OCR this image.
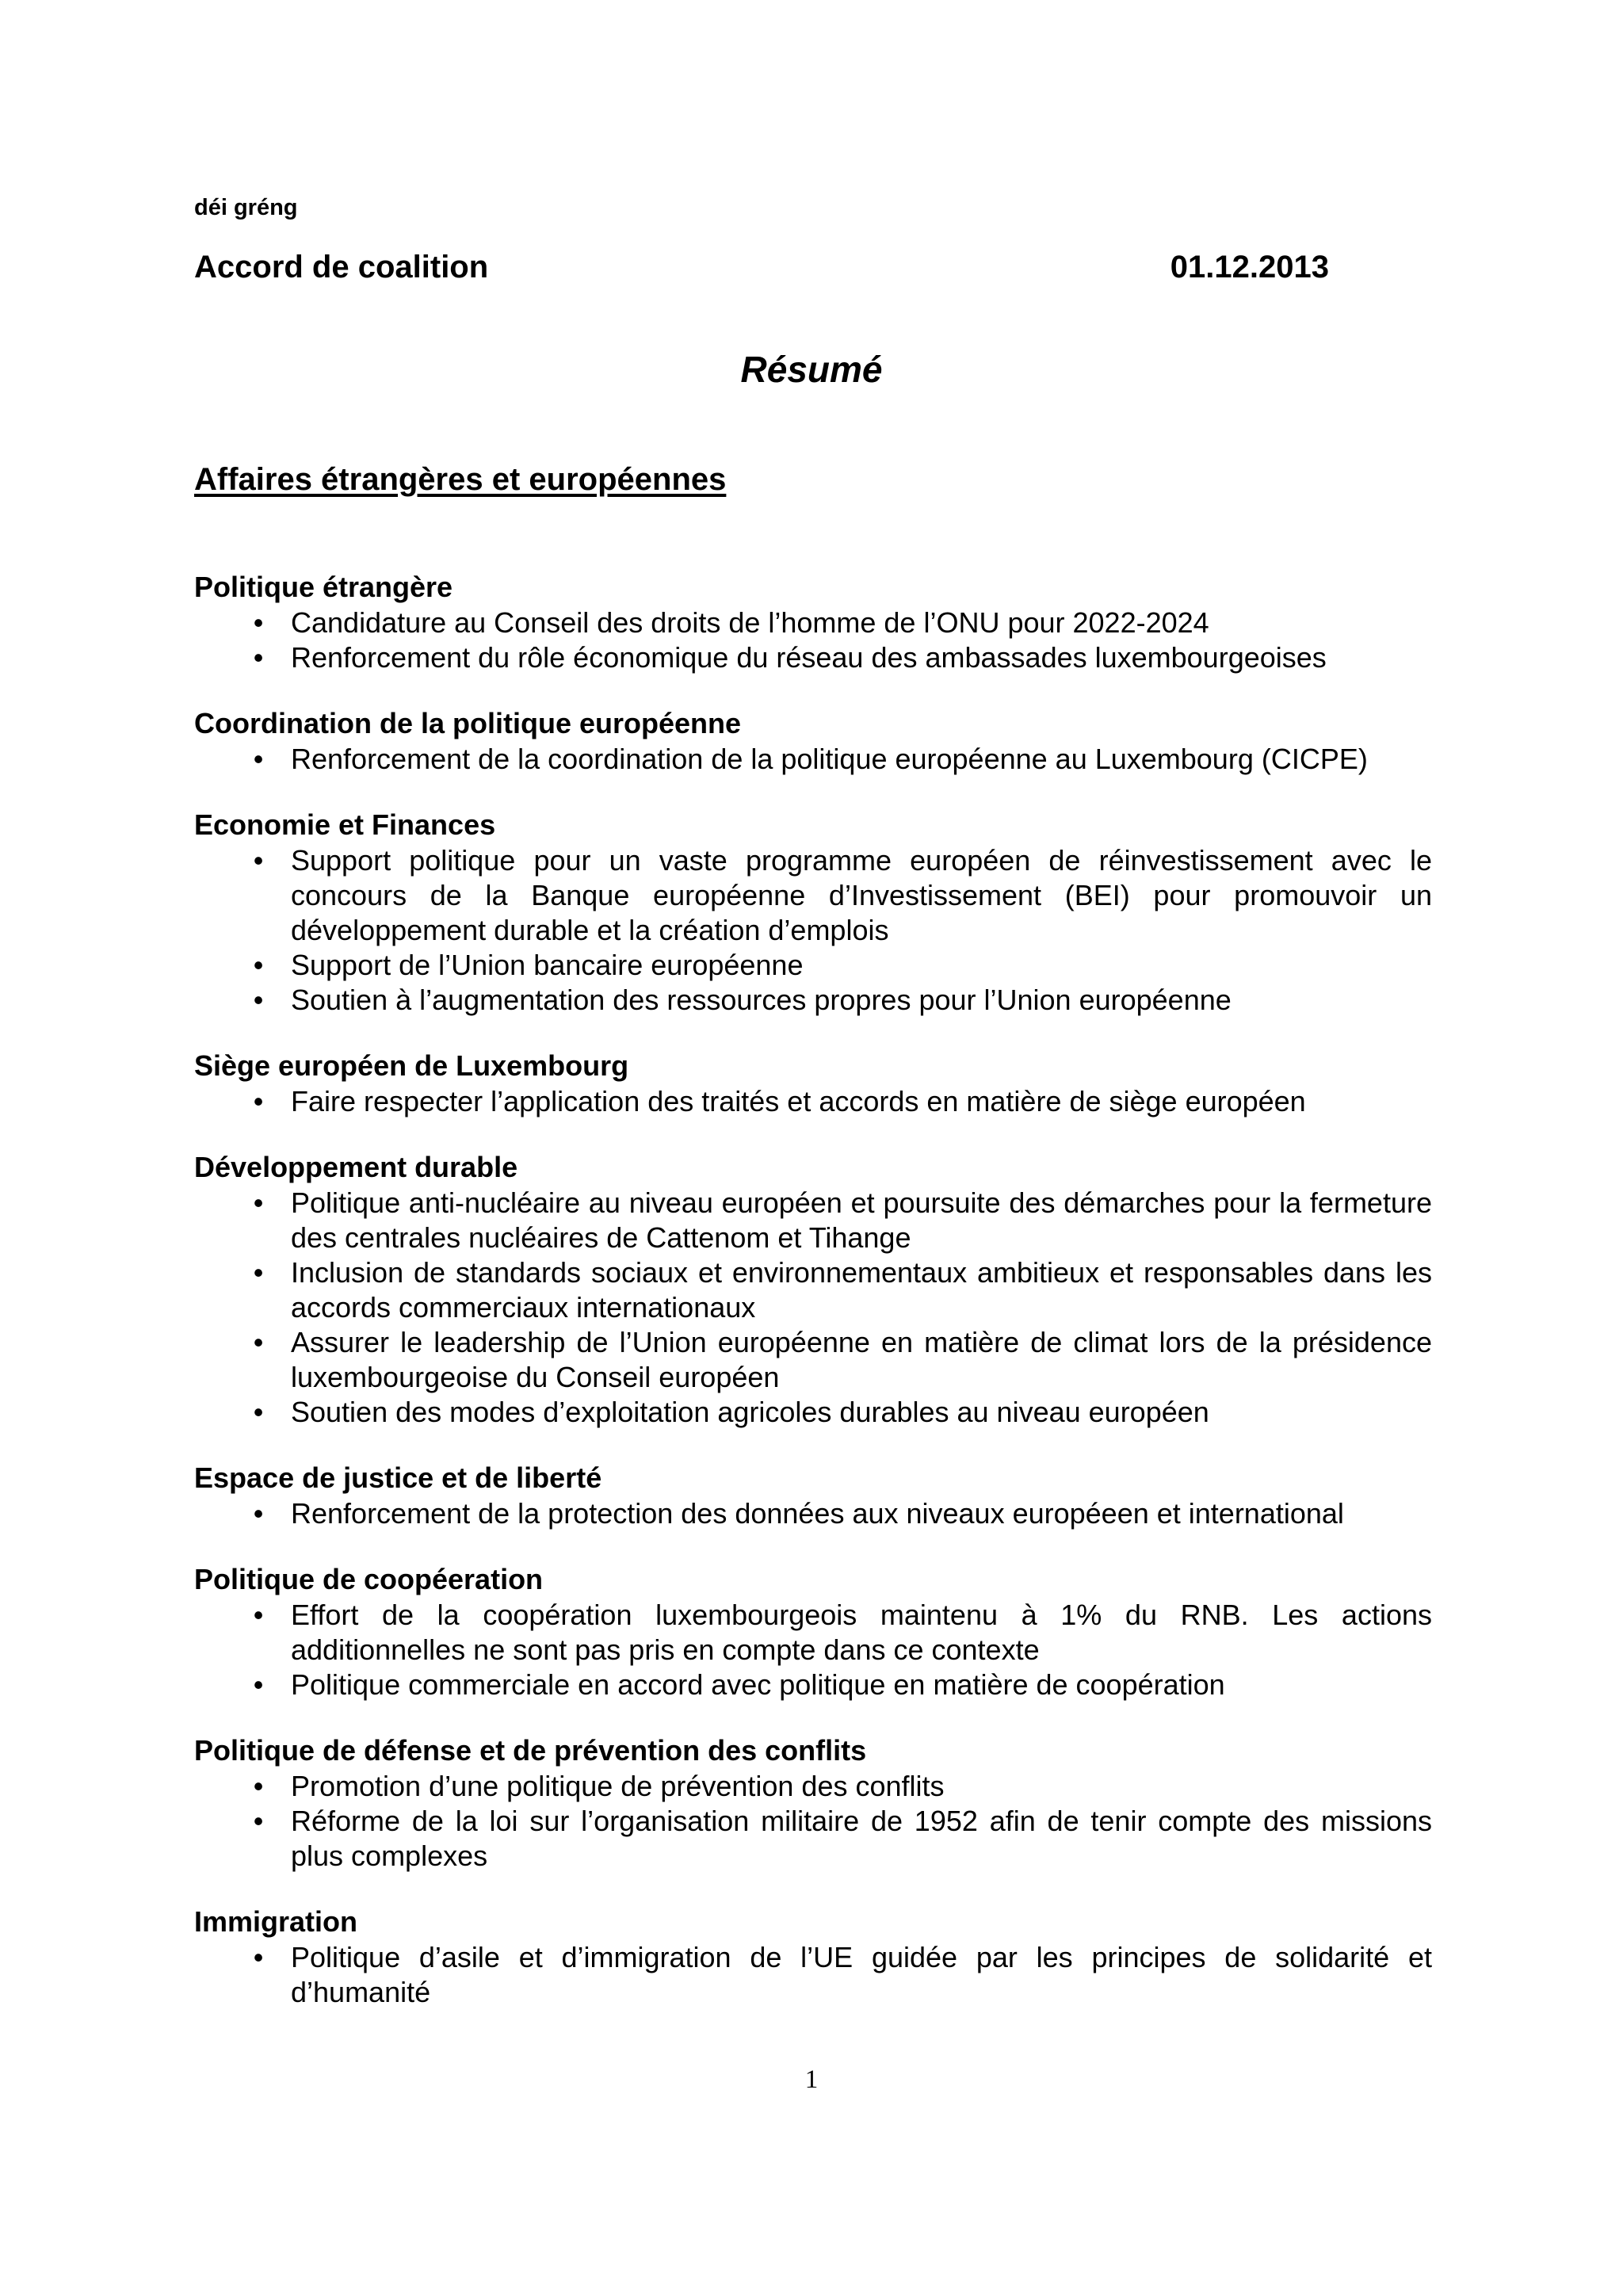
déi gréng
Accord de coalition	01.12.2013
Résumé
Affaires étrangères et européennes
Politique étrangère
• Candidature au Conseil des droits de l’homme de l’ONU pour 2022-2024
• Renforcement du rôle économique du réseau des ambassades luxembourgeoises
Coordination de la politique européenne
• Renforcement de la coordination de la politique européenne au Luxembourg (CICPE)
Economie et Finances
• Support politique pour un vaste programme européen de réinvestissement avec le concours de la Banque européenne d’Investissement (BEI) pour promouvoir un développement durable et la création d’emplois
• Support de l’Union bancaire européenne
• Soutien à l’augmentation des ressources propres pour l’Union européenne
Siège européen de Luxembourg
• Faire respecter l’application des traités et accords en matière de siège européen
Développement durable
• Politique anti-nucléaire au niveau européen et poursuite des démarches pour la fermeture des centrales nucléaires de Cattenom et Tihange
• Inclusion de standards sociaux et environnementaux ambitieux et responsables dans les accords commerciaux internationaux
• Assurer le leadership de l’Union européenne en matière de climat lors de la présidence luxembourgeoise du Conseil européen
• Soutien des modes d’exploitation agricoles durables au niveau européen
Espace de justice et de liberté
• Renforcement de la protection des données aux niveaux européeen et international
Politique de coopéeration
• Effort de la coopération luxembourgeois maintenu à 1% du RNB. Les actions additionnelles ne sont pas pris en compte dans ce contexte
• Politique commerciale en accord avec politique en matière de coopération
Politique de défense et de prévention des conflits
• Promotion d’une politique de prévention des conflits
• Réforme de la loi sur l’organisation militaire de 1952 afin de tenir compte des missions plus complexes
Immigration
• Politique d’asile et d’immigration de l’UE guidée par les principes de solidarité et d’humanité
1
